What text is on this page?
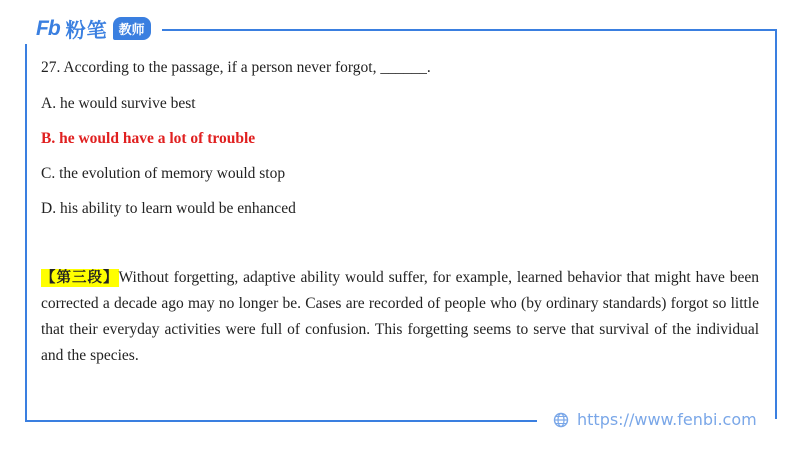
Fb 粉笔 教师

27. According to the passage, if a person never forgot, ______.

A. he would survive best

B. he would have a lot of trouble

C. the evolution of memory would stop

D. his ability to learn would be enhanced

【第三段】Without forgetting, adaptive ability would suffer, for example, learned behavior that might have been corrected a decade ago may no longer be. Cases are recorded of people who (by ordinary standards) forgot so little that their everyday activities were full of confusion. This forgetting seems to serve that survival of the individual and the species.

https://www.fenbi.com
